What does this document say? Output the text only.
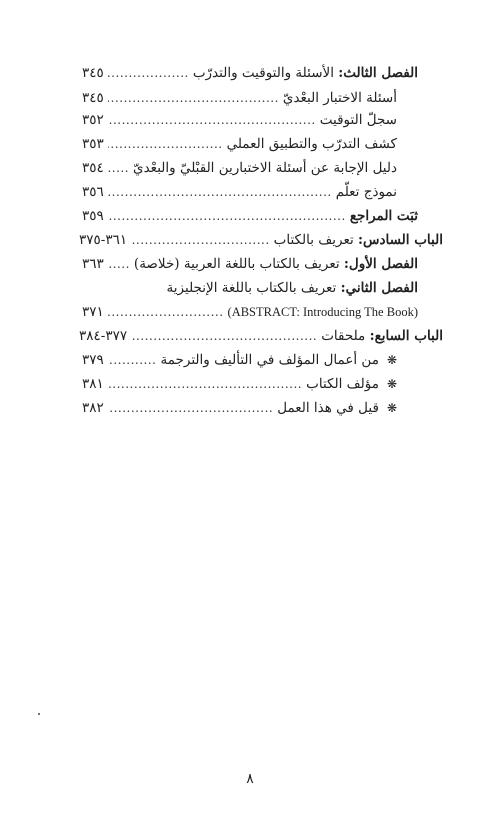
الفصل الثالث: الأسئلة والتوقيت والتدرّب
.....
٣٤٥
أسئلة الاختبار البعْديّ
.....
٣٤٥
سجلّ التوقيت
.....
٣٥٢
كشف التدرّب والتطبيق العملي
.....
٣٥٣
دليل الإجابة عن أسئلة الاختبارين القبْليّ والبعْديّ
.....
٣٥٤
نموذج تعلّم
.....
٣٥٦
ثبَت المراجع
.....
٣٥٩
الباب السادس: تعريف بالكتاب
.....
٣٦١-٣٧٥
الفصل الأول: تعريف بالكتاب باللغة العربية (خلاصة)
.....
٣٦٣
الفصل الثاني: تعريف بالكتاب باللغة الإنجليزية
(ABSTRACT: Introducing The Book)
.....
٣٧١
الباب السابع: ملحقات
.....
٣٧٧-٣٨٤
❋من أعمال المؤلف في التأليف والترجمة
.....
٣٧٩
❋مؤلف الكتاب
.....
٣٨١
❋قيل في هذا العمل
.....
٣٨٢
٨
